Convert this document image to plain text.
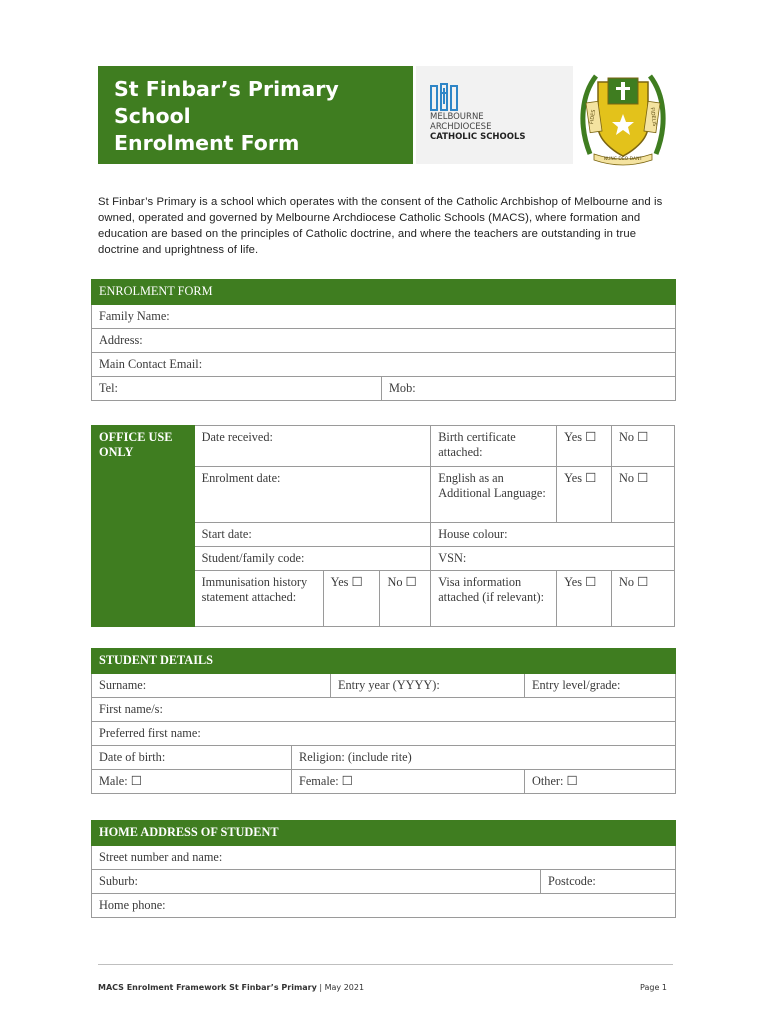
St Finbar’s Primary School
Enrolment Form
MELBOURNE
ARCHDIOCESE
CATHOLIC SCHOOLS
FIDES	FIDELIS
NUNC DEO DANT
St Finbar’s Primary is a school which operates with the consent of the Catholic Archbishop of Melbourne and is owned, operated and governed by Melbourne Archdiocese Catholic Schools (MACS), where formation and education are based on the principles of Catholic doctrine, and where the teachers are outstanding in true doctrine and uprightness of life.
ENROLMENT FORM
Family Name:
Address:
Main Contact Email:
Tel:	Mob:
OFFICE USE ONLY	Date received:			Birth certificate attached:	Yes ☐	No ☐
	Enrolment date:			English as an Additional Language:	Yes ☐	No ☐
	Start date:			House colour:		
	Student/family code:			VSN:		
	Immunisation history statement attached:	Yes ☐	No ☐	Visa information attached (if relevant):	Yes ☐	No ☐
STUDENT DETAILS			
Surname:		Entry year (YYYY):	Entry level/grade:
First name/s:			
Preferred first name:			
Date of birth:	Religion: (include rite)		
Male: ☐	Female: ☐		Other: ☐
HOME ADDRESS OF STUDENT
Street number and name:
Suburb:	Postcode:
Home phone:
MACS Enrolment Framework St Finbar’s Primary | May 2021	Page 1
